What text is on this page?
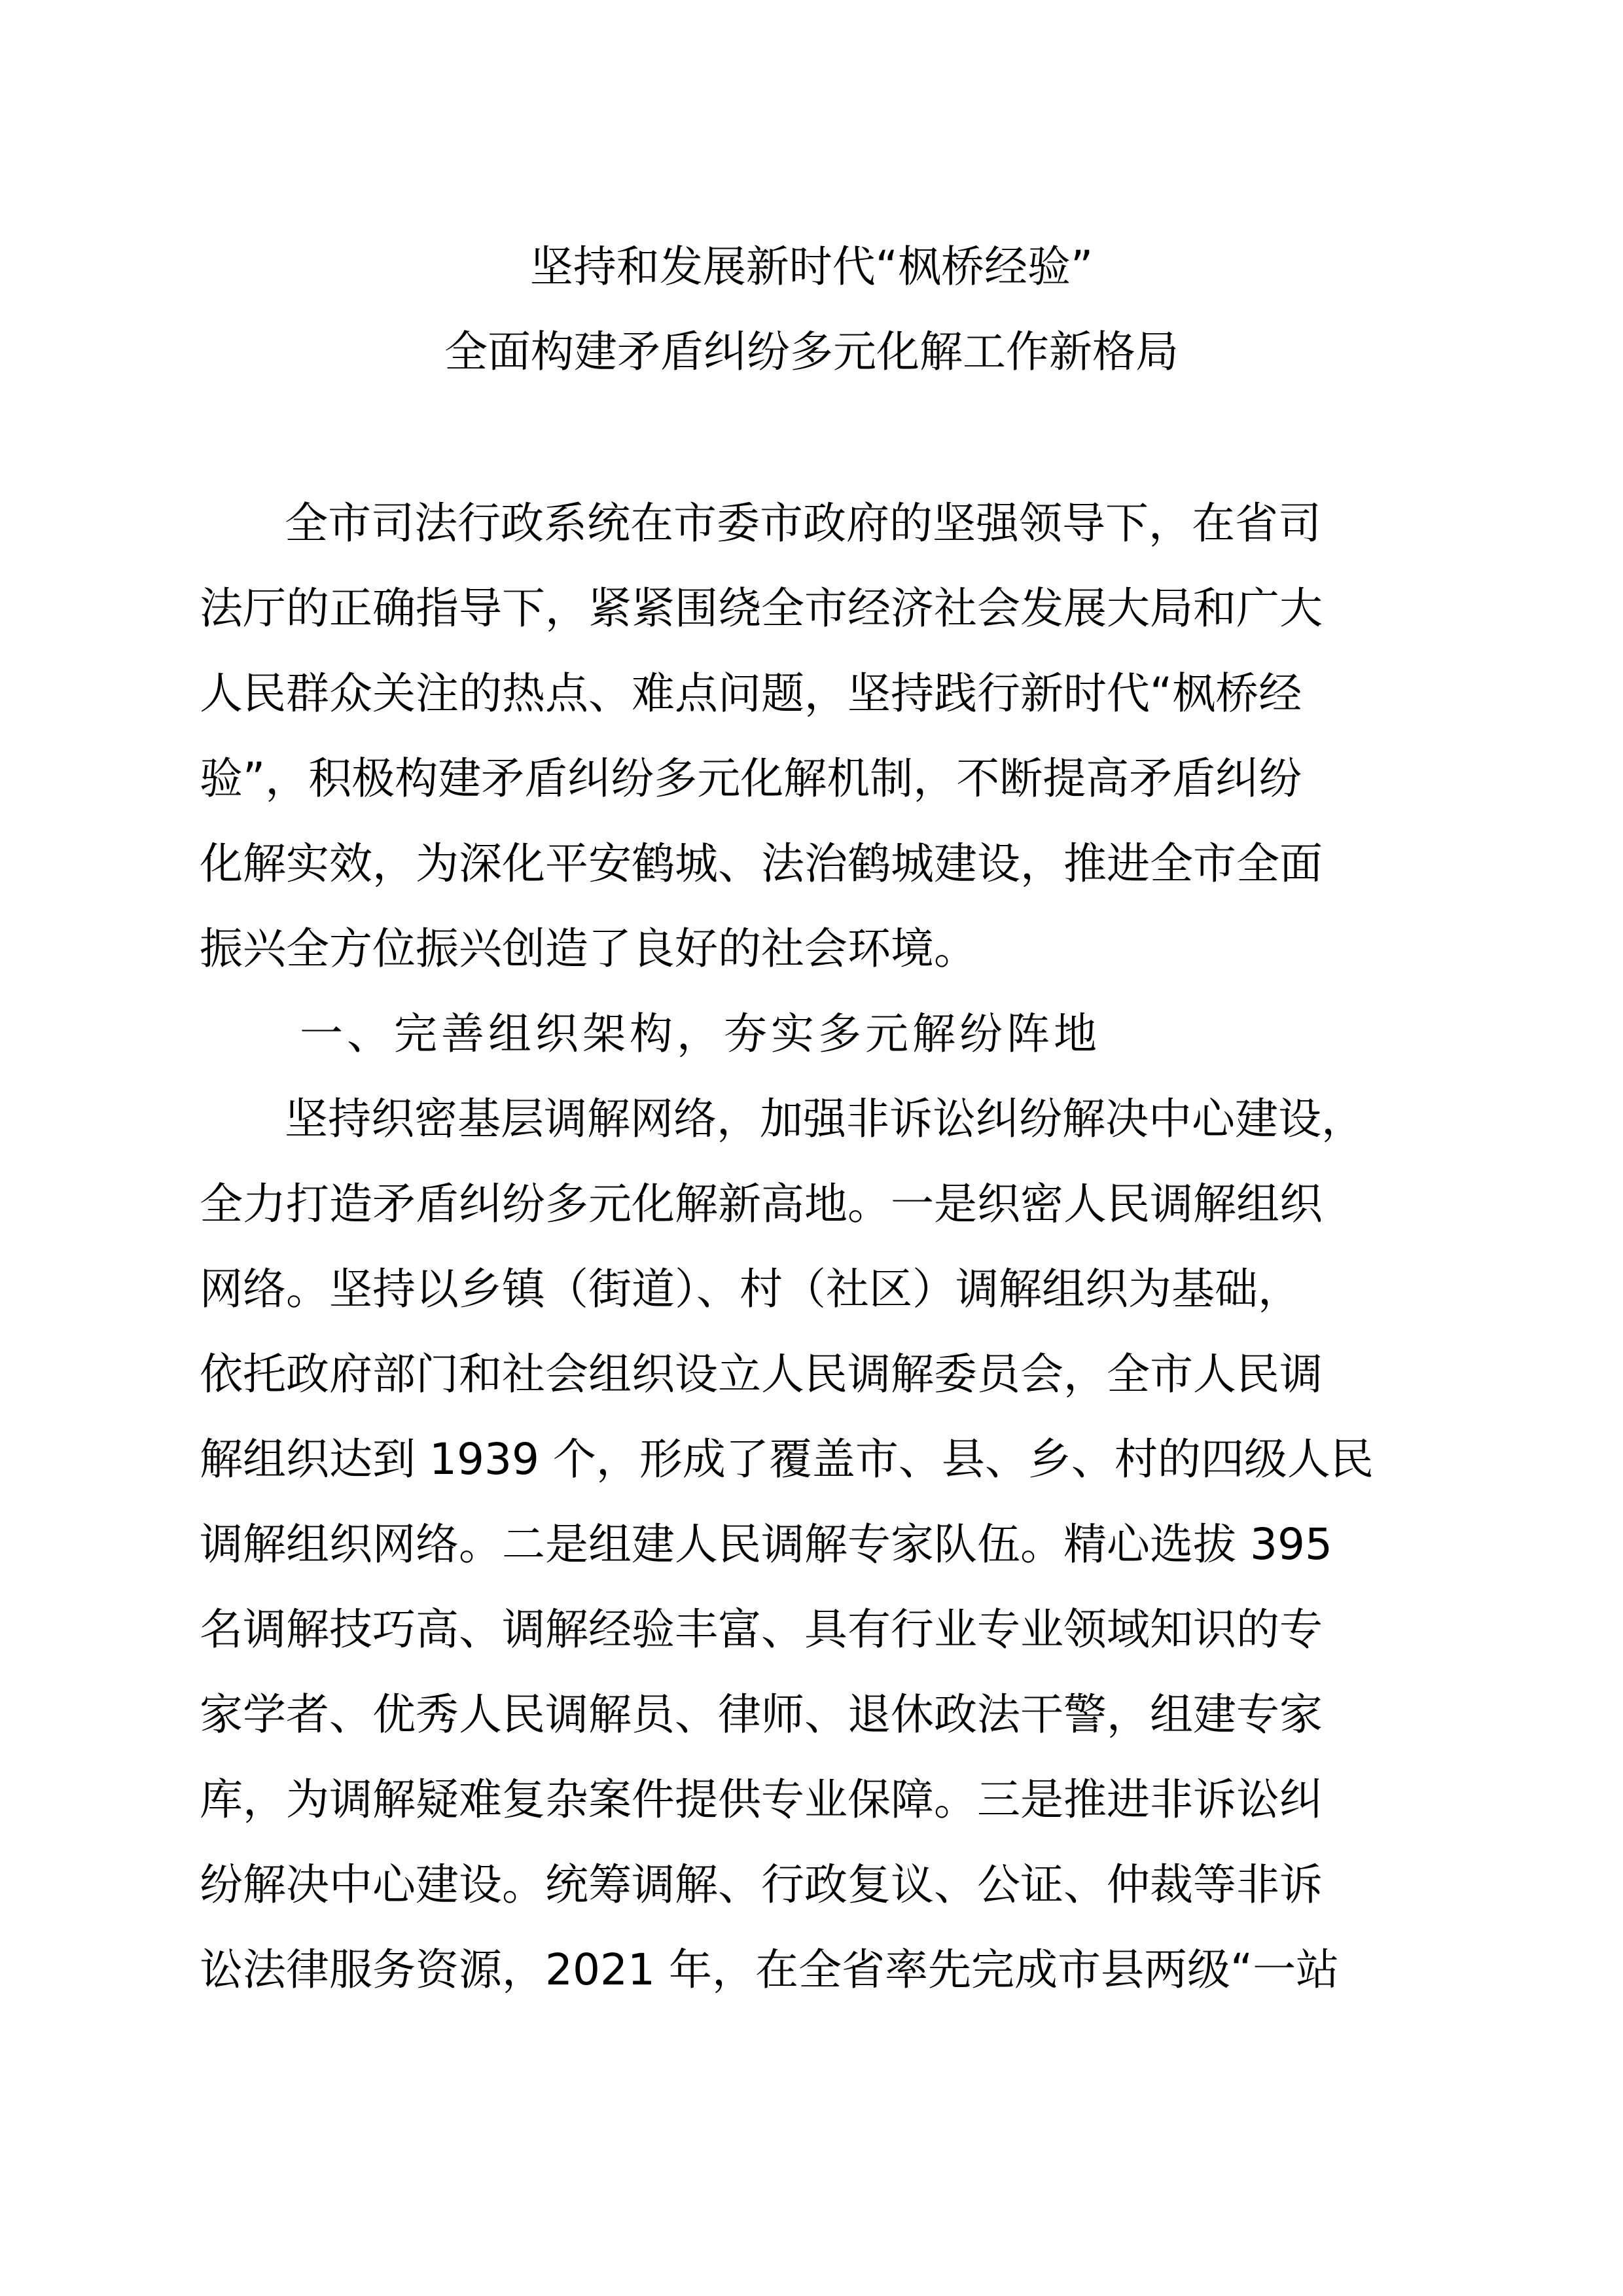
坚持和发展新时代“枫桥经验”
全面构建矛盾纠纷多元化解工作新格局

全市司法行政系统在市委市政府的坚强领导下，在省司

法厅的正确指导下，紧紧围绕全市经济社会发展大局和广大

人民群众关注的热点、难点问题，坚持践行新时代“枫桥经

验”，积极构建矛盾纠纷多元化解机制，不断提高矛盾纠纷

化解实效，为深化平安鹤城、法治鹤城建设，推进全市全面

振兴全方位振兴创造了良好的社会环境。

一、完善组织架构，夯实多元解纷阵地

坚持织密基层调解网络，加强非诉讼纠纷解决中心建设，

全力打造矛盾纠纷多元化解新高地。一是织密人民调解组织

网络。坚持以乡镇（街道）、村（社区）调解组织为基础，

依托政府部门和社会组织设立人民调解委员会，全市人民调

解组织达到 1939 个，形成了覆盖市、县、乡、村的四级人民

调解组织网络。二是组建人民调解专家队伍。精心选拔 395

名调解技巧高、调解经验丰富、具有行业专业领域知识的专

家学者、优秀人民调解员、律师、退休政法干警，组建专家

库，为调解疑难复杂案件提供专业保障。三是推进非诉讼纠

纷解决中心建设。统筹调解、行政复议、公证、仲裁等非诉

讼法律服务资源，2021 年，在全省率先完成市县两级“一站
